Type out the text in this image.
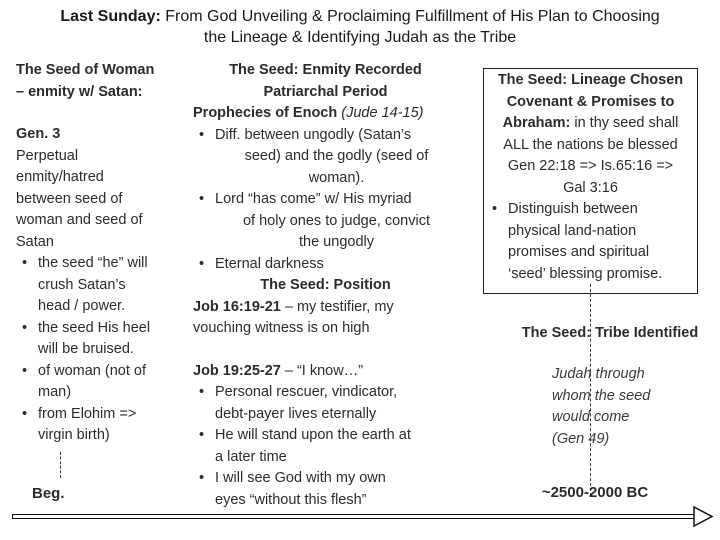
Last Sunday: From God Unveiling & Proclaiming Fulfillment of His Plan to Choosing
the Lineage & Identifying Judah as the Tribe
The Seed of Woman
– enmity w/ Satan:
Gen. 3
Perpetual
enmity/hatred
between seed of
woman and seed of
Satan
• the seed “he” will
crush Satan’s
head / power.
• the seed His heel
will be bruised.
• of woman (not of
man)
• from Elohim =>
virgin birth)
Beg.
The Seed: Enmity Recorded
Patriarchal Period
Prophecies of Enoch (Jude 14-15)
• Diff. between ungodly (Satan’s
seed) and the godly (seed of
woman).
• Lord “has come” w/ His myriad
of holy ones to judge, convict
the ungodly
• Eternal darkness
The Seed: Position
Job 16:19-21 – my testifier, my
vouching witness is on high
Job 19:25-27 – “I know…”
• Personal rescuer, vindicator,
debt-payer lives eternally
• He will stand upon the earth at
a later time
• I will see God with my own
eyes “without this flesh”
The Seed: Lineage Chosen
Covenant & Promises to
Abraham: in thy seed shall
ALL the nations be blessed
Gen 22:18 => Is.65:16 =>
Gal 3:16
• Distinguish between
physical land-nation
promises and spiritual
‘seed’ blessing promise.
The Seed: Tribe Identified
Judah through
whom the seed
would come
(Gen 49)
~2500-2000 BC
